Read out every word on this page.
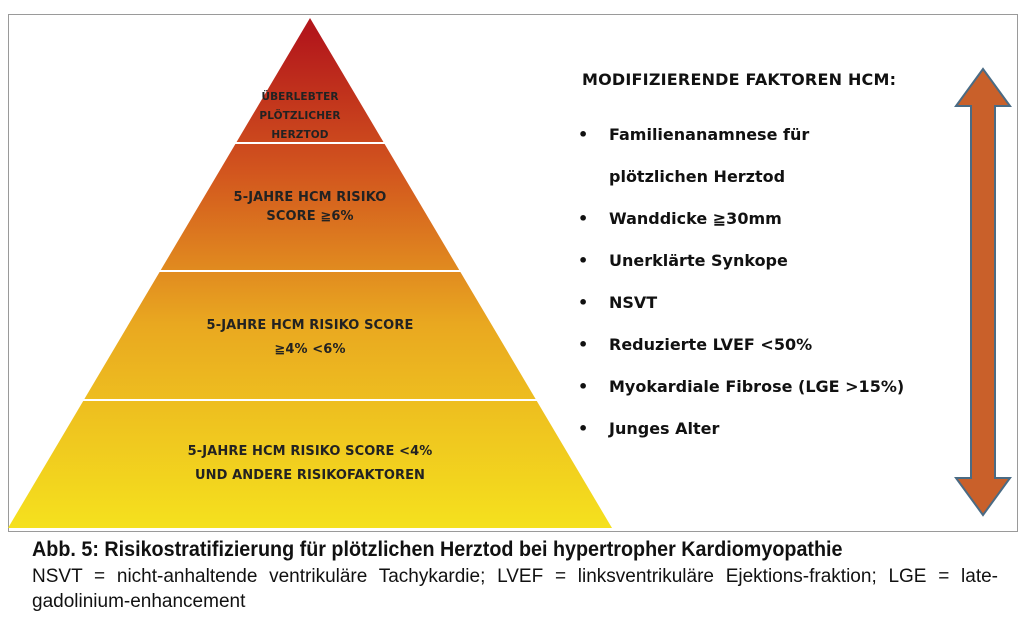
ÜBERLEBTER
PLÖTZLICHER
HERZTOD
5-JAHRE HCM RISIKO
SCORE ≧6%
5-JAHRE HCM RISIKO SCORE
≧4% <6%
5-JAHRE HCM RISIKO SCORE <4%
UND ANDERE RISIKOFAKTOREN
MODIFIZIERENDE FAKTOREN HCM:
• Familienanamnese für
plötzlichen Herztod
• Wanddicke ≧30mm
• Unerklärte Synkope
• NSVT
• Reduzierte LVEF <50%
• Myokardiale Fibrose (LGE >15%)
• Junges Alter
Abb. 5: Risikostratifizierung für plötzlichen Herztod bei hypertropher Kardiomyopathie
NSVT = nicht-anhaltende ventrikuläre Tachykardie; LVEF = linksventrikuläre Ejektions-fraktion; LGE = late-gadolinium-enhancement
